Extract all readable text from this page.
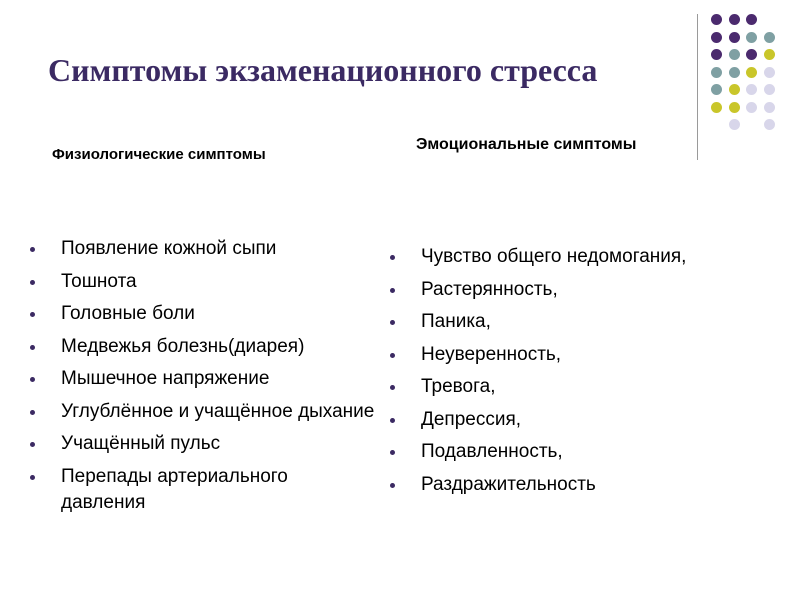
Симптомы экзаменационного стресса
Физиологические симптомы
Эмоциональные симптомы
Появление кожной сыпи
Тошнота
Головные боли
Медвежья болезнь(диарея)
Мышечное напряжение
Углублённое и учащённое дыхание
Учащённый пульс
Перепады артериального давления
Чувство общего недомогания,
Растерянность,
Паника,
Неуверенность,
Тревога,
Депрессия,
Подавленность,
Раздражительность
